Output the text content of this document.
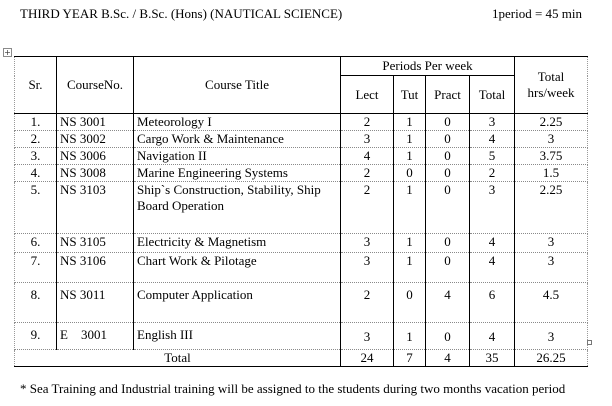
THIRD YEAR B.Sc. / B.Sc. (Hons) (NAUTICAL SCIENCE)	1period = 45 min
+
Sr.	CourseNo.	Course Title	Periods Per week				Total
hrs/week

			Lect	Tut	Pract	Total	
1.	NS 3001	Meteorology I	2	1	0	3	2.25
2.	NS 3002	Cargo Work & Maintenance	3	1	0	4	3
3.	NS 3006	Navigation II	4	1	0	5	3.75
4.	NS 3008	Marine Engineering Systems	2	0	0	2	1.5
5.	NS 3103	Ship`s Construction, Stability, Ship
Board Operation	2	1	0	3	2.25
6.	NS 3105	Electricity & Magnetism	3	1	0	4	3
7.	NS 3106	Chart Work & Pilotage	3	1	0	4	3
8.	NS 3011	Computer Application	2	0	4	6	4.5
9.	E    3001	English III	3	1	0	4	3
Total			24	7	4	35	26.25
* Sea Training and Industrial training will be assigned to the students during two months vacation period
